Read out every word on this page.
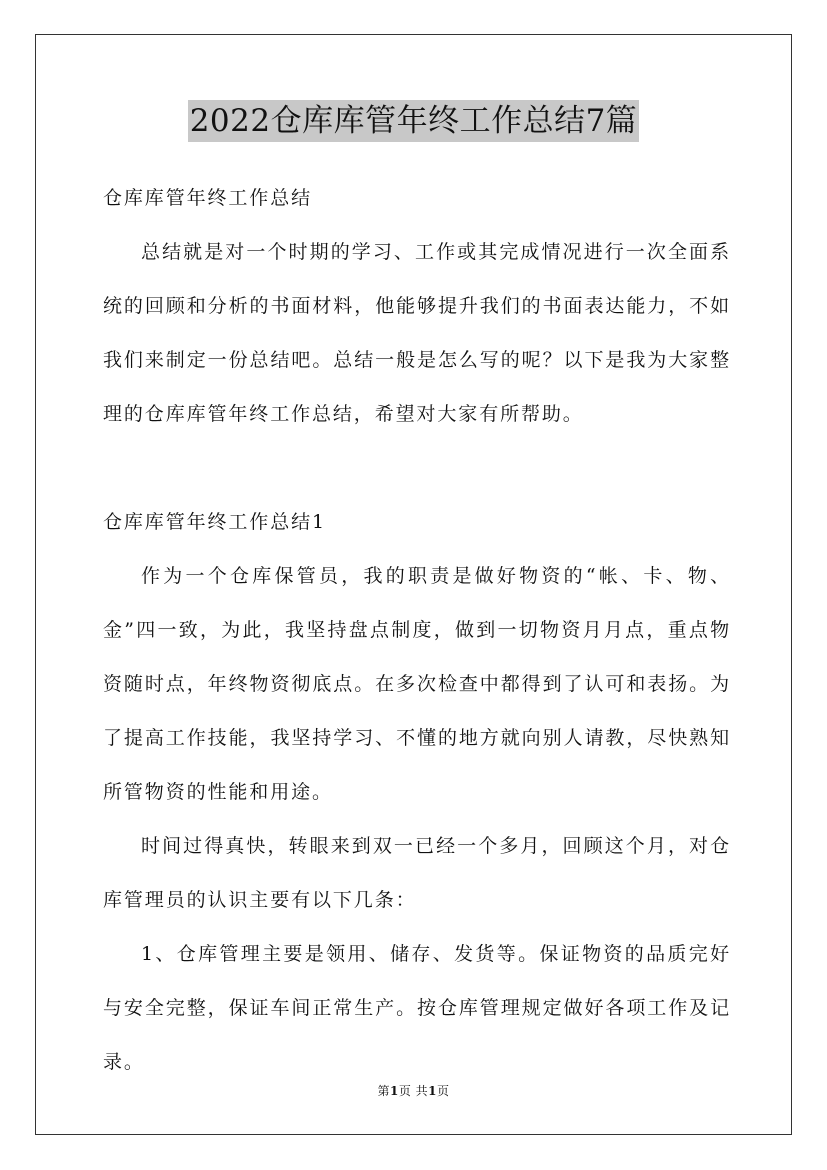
2022仓库库管年终工作总结7篇

仓库库管年终工作总结

总结就是对一个时期的学习、工作或其完成情况进行一次全面系统的回顾和分析的书面材料，他能够提升我们的书面表达能力，不如我们来制定一份总结吧。总结一般是怎么写的呢？以下是我为大家整理的仓库库管年终工作总结，希望对大家有所帮助。

仓库库管年终工作总结1

作为一个仓库保管员，我的职责是做好物资的“帐、卡、物、金”四一致，为此，我坚持盘点制度，做到一切物资月月点，重点物资随时点，年终物资彻底点。在多次检查中都得到了认可和表扬。为了提高工作技能，我坚持学习、不懂的地方就向别人请教，尽快熟知所管物资的性能和用途。

时间过得真快，转眼来到双一已经一个多月，回顾这个月，对仓库管理员的认识主要有以下几条：

1、仓库管理主要是领用、储存、发货等。保证物资的品质完好与安全完整，保证车间正常生产。按仓库管理规定做好各项工作及记录。

第1页 共1页
